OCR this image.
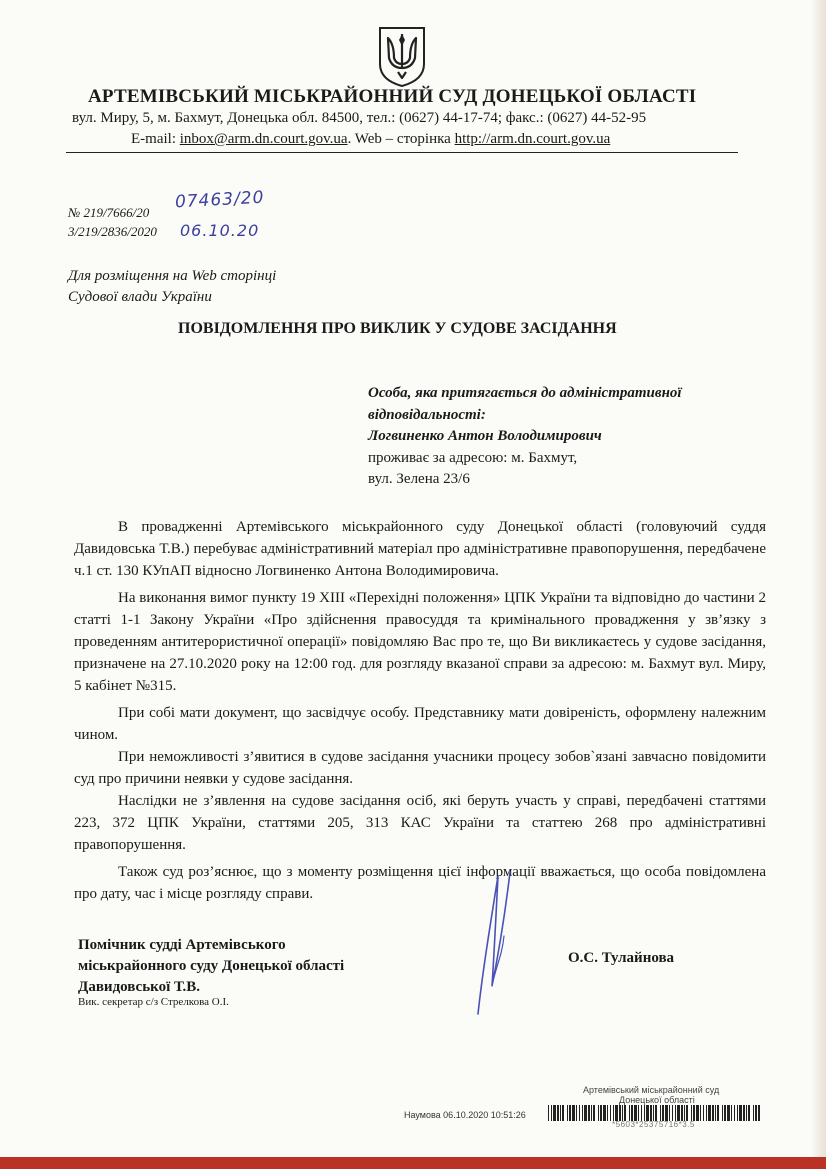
АРТЕМІВСЬКИЙ МІСЬКРАЙОННИЙ СУД ДОНЕЦЬКОЇ ОБЛАСТІ
вул. Миру, 5, м. Бахмут, Донецька обл. 84500, тел.: (0627) 44-17-74; факс.: (0627) 44-52-95
E-mail: inbox@arm.dn.court.gov.ua. Web – сторінка http://arm.dn.court.gov.ua
№ 219/7666/20
3/219/2836/2020
07463/20
06.10.20
Для розміщення на Web сторінці
Судової влади України
ПОВІДОМЛЕННЯ ПРО ВИКЛИК У СУДОВЕ ЗАСІДАННЯ
Особа, яка притягається до адміністративної
відповідальності:
Логвиненко Антон Володимирович
проживає за адресою: м. Бахмут,
вул. Зелена 23/6

В провадженні Артемівського міськрайонного суду Донецької області (головуючий суддя Давидовська Т.В.) перебуває адміністративний матеріал про адміністративне правопорушення, передбачене ч.1 ст. 130 КУпАП відносно Логвиненко Антона Володимировича.

На виконання вимог пункту 19 XIII «Перехідні положення» ЦПК України та відповідно до частини 2 статті 1-1 Закону України «Про здійснення правосуддя та кримінального провадження у зв’язку з проведенням антитерористичної операції» повідомляю Вас про те, що Ви викликаєтесь у судове засідання, призначене на 27.10.2020 року на 12:00 год. для розгляду вказаної справи за адресою: м. Бахмут вул. Миру, 5 кабінет №315.

При собі мати документ, що засвідчує особу. Представнику мати довіреність, оформлену належним чином.

При неможливості з’явитися в судове засідання учасники процесу зобов`язані завчасно повідомити суд про причини неявки у судове засідання.

Наслідки не з’явлення на судове засідання осіб, які беруть участь у справі, передбачені статтями 223, 372 ЦПК України, статтями 205, 313 КАС України та статтею 268 про адміністративні правопорушення.

Також суд роз’яснює, що з моменту розміщення цієї інформації вважається, що особа повідомлена про дату, час і місце розгляду справи.

Помічник судді Артемівського
міськрайонного суду Донецької області
Давидовської Т.В.
Вик. секретар с/з Стрелкова О.І.
О.С. Тулайнова
Артемівський міськрайонний суд
Донецької області
Наумова 06.10.2020 10:51:26
*5603*25375716*3.5
